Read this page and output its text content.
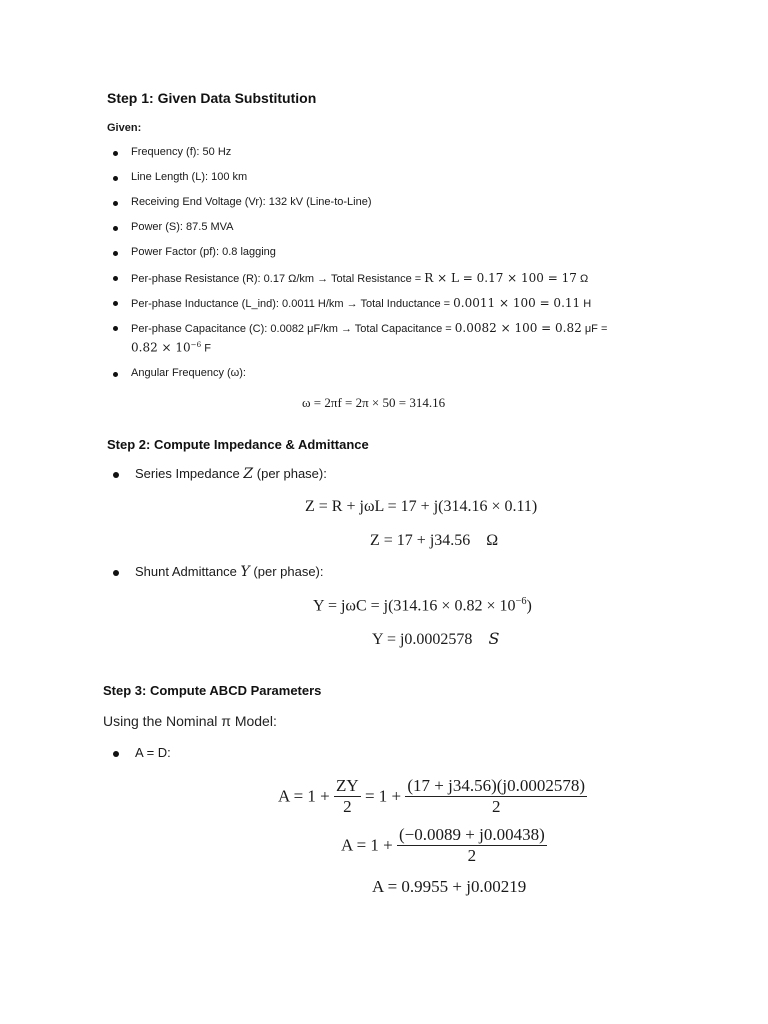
Step 1: Given Data Substitution
Given:
Frequency (f): 50 Hz
Line Length (L): 100 km
Receiving End Voltage (Vr): 132 kV (Line-to-Line)
Power (S): 87.5 MVA
Power Factor (pf): 0.8 lagging
Per-phase Resistance (R): 0.17 Ω/km → Total Resistance = R × L = 0.17 × 100 = 17 Ω
Per-phase Inductance (L_ind): 0.0011 H/km → Total Inductance = 0.0011 × 100 = 0.11 H
Per-phase Capacitance (C): 0.0082 μF/km → Total Capacitance = 0.0082 × 100 = 0.82 μF =
$0.82 \times 10^{-6}$ F
Angular Frequency (ω):
ω = 2πf = 2π × 50 = 314.16
Step 2: Compute Impedance & Admittance
Series Impedance Z (per phase):
Z = R + jωL = 17 + j(314.16 × 0.11)
Z = 17 + j34.56 Ω
Shunt Admittance Y (per phase):
$Y = j\omega C = j(314.16 \times 0.82 \times 10^{-6})$
Y = j0.0002578 S
Step 3: Compute ABCD Parameters
Using the Nominal π Model:
A = D:
$A = 1 + \frac{ZY}{2} = 1 + \frac{(17 + j34.56)(j0.0002578)}{2}$
$A = 1 + \frac{(-0.0089 + j0.00438)}{2}$
A = 0.9955 + j0.00219
